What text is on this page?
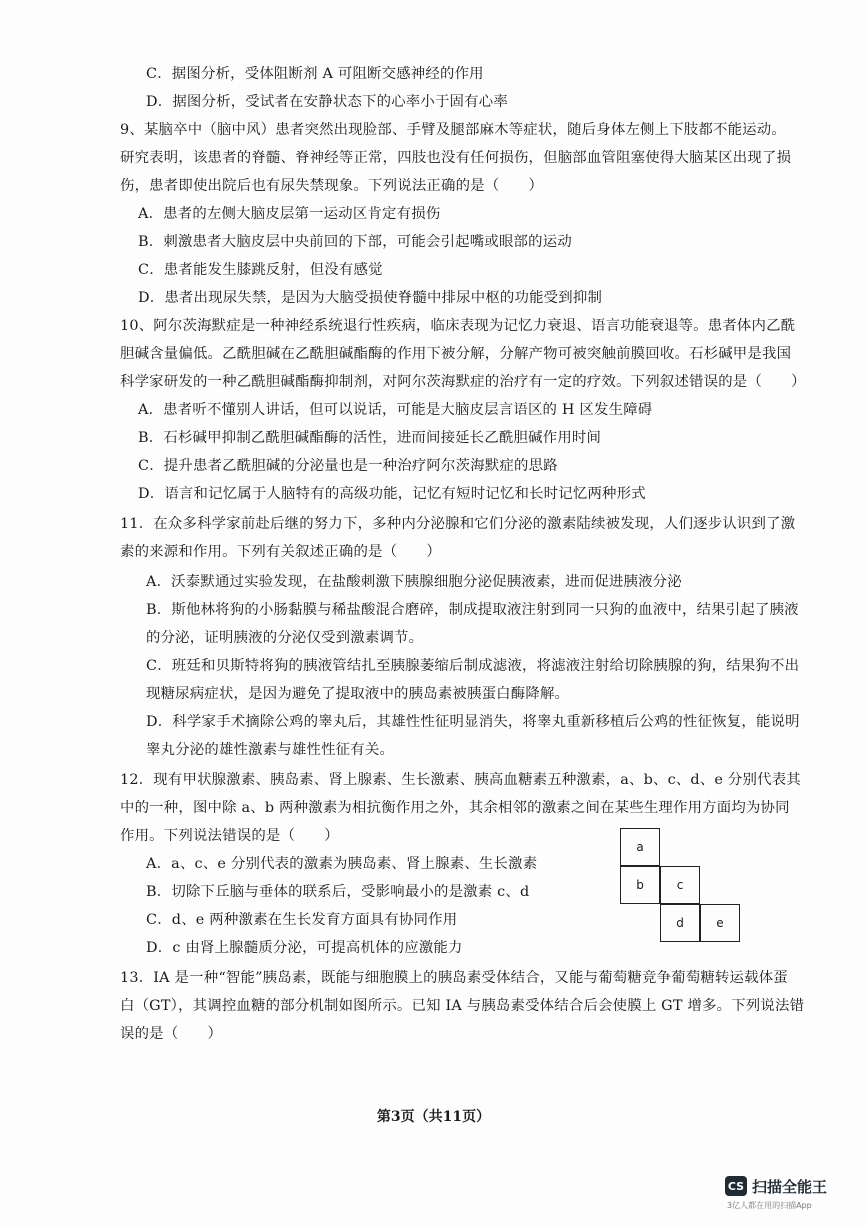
C．据图分析，受体阻断剂 A 可阻断交感神经的作用
D．据图分析，受试者在安静状态下的心率小于固有心率
9、某脑卒中（脑中风）患者突然出现脸部、手臂及腿部麻木等症状，随后身体左侧上下肢都不能运动。
研究表明，该患者的脊髓、脊神经等正常，四肢也没有任何损伤，但脑部血管阻塞使得大脑某区出现了损
伤，患者即使出院后也有尿失禁现象。下列说法正确的是（　　）
A．患者的左侧大脑皮层第一运动区肯定有损伤
B．刺激患者大脑皮层中央前回的下部，可能会引起嘴或眼部的运动
C．患者能发生膝跳反射，但没有感觉
D．患者出现尿失禁，是因为大脑受损使脊髓中排尿中枢的功能受到抑制
10、阿尔茨海默症是一种神经系统退行性疾病，临床表现为记忆力衰退、语言功能衰退等。患者体内乙酰
胆碱含量偏低。乙酰胆碱在乙酰胆碱酯酶的作用下被分解，分解产物可被突触前膜回收。石杉碱甲是我国
科学家研发的一种乙酰胆碱酯酶抑制剂，对阿尔茨海默症的治疗有一定的疗效。下列叙述错误的是（　　）
A．患者听不懂别人讲话，但可以说话，可能是大脑皮层言语区的 H 区发生障碍
B．石杉碱甲抑制乙酰胆碱酯酶的活性，进而间接延长乙酰胆碱作用时间
C．提升患者乙酰胆碱的分泌量也是一种治疗阿尔茨海默症的思路
D．语言和记忆属于人脑特有的高级功能，记忆有短时记忆和长时记忆两种形式
11．在众多科学家前赴后继的努力下，多种内分泌腺和它们分泌的激素陆续被发现，人们逐步认识到了激
素的来源和作用。下列有关叙述正确的是（　　）
A．沃泰默通过实验发现，在盐酸刺激下胰腺细胞分泌促胰液素，进而促进胰液分泌
B．斯他林将狗的小肠黏膜与稀盐酸混合磨碎，制成提取液注射到同一只狗的血液中，结果引起了胰液
的分泌，证明胰液的分泌仅受到激素调节。
C．班廷和贝斯特将狗的胰液管结扎至胰腺萎缩后制成滤液，将滤液注射给切除胰腺的狗，结果狗不出
现糖尿病症状，是因为避免了提取液中的胰岛素被胰蛋白酶降解。
D．科学家手术摘除公鸡的睾丸后，其雄性性征明显消失，将睾丸重新移植后公鸡的性征恢复，能说明
睾丸分泌的雄性激素与雄性性征有关。
12．现有甲状腺激素、胰岛素、肾上腺素、生长激素、胰高血糖素五种激素，a、b、c、d、e 分别代表其
中的一种，图中除 a、b 两种激素为相抗衡作用之外，其余相邻的激素之间在某些生理作用方面均为协同
作用。下列说法错误的是（　　）
A．a、c、e 分别代表的激素为胰岛素、肾上腺素、生长激素
B．切除下丘脑与垂体的联系后，受影响最小的是激素 c、d
C．d、e 两种激素在生长发育方面具有协同作用
D．c 由肾上腺髓质分泌，可提高机体的应激能力
a
b	c
d	e
13．IA 是一种“智能”胰岛素，既能与细胞膜上的胰岛素受体结合，又能与葡萄糖竞争葡萄糖转运载体蛋
白（GT），其调控血糖的部分机制如图所示。已知 IA 与胰岛素受体结合后会使膜上 GT 增多。下列说法错
误的是（　　）
第3页（共11页）
CS 扫描全能王
3亿人都在用的扫描App
